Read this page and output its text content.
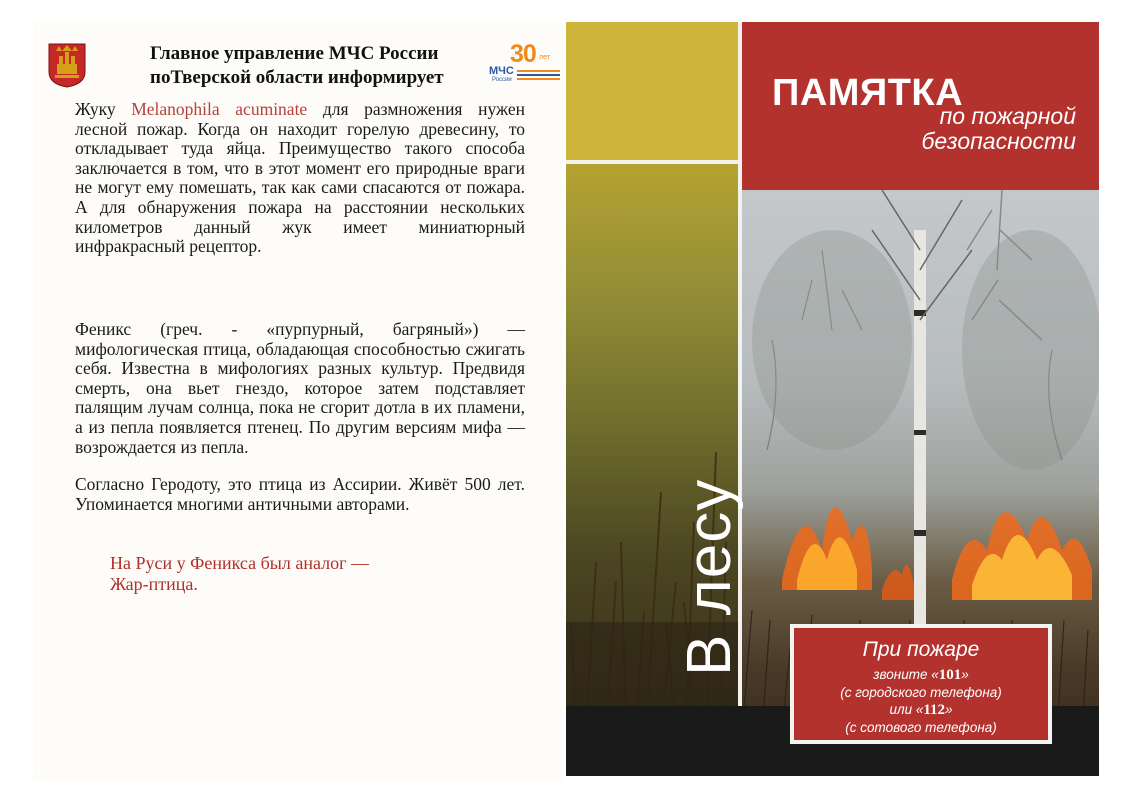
Главное управление МЧС России
поТверской области информирует
30 лет
МЧС
России
Жуку Melanophila acuminate для размножения нужен лесной пожар. Когда он находит горелую древесину, то откладывает туда яйца. Преимущество такого способа заключается в том, что в этот момент его природные враги не могут ему помешать, так как сами спасаются от пожара. А для обнаружения пожара на расстоянии нескольких километров данный жук имеет миниатюрный инфракрасный рецептор.
Феникс (греч. - «пурпурный, багряный») — мифологическая птица, обладающая способностью сжигать себя. Известна в мифологиях разных культур. Предвидя смерть, она вьет гнездо, которое затем подставляет палящим лучам солнца, пока не сгорит дотла в их пламени, а из пепла появляется птенец. По другим версиям мифа — возрождается из пепла.
Согласно Геродоту, это птица из Ассирии. Живёт 500 лет. Упоминается многими античными авторами.
На Руси у Феникса был аналог —
Жар-птица.
ПАМЯТКА
по пожарной
безопасности
В лесу	При пожаре
звоните «101»
(с городского телефона)
или «112»
(с сотового телефона)
